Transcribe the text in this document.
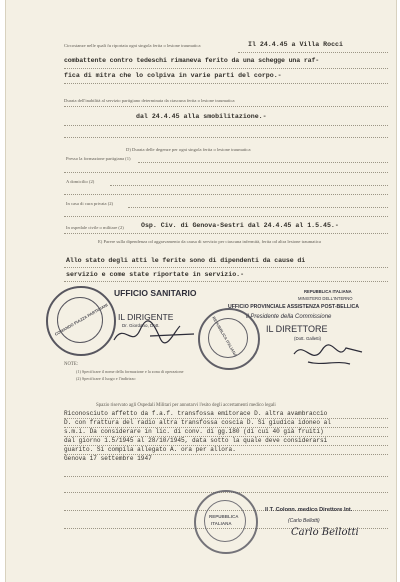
Circostanze nelle quali fu riportata ogni singola ferita o lesione traumatica	Il 24.4.45 a Villa Rocci
combattente contro tedeschi rimaneva ferito da una schegge una raf-
fica di mitra che lo colpiva in varie parti del corpo.-
Durata dell'inabilità al servizio partigiano determinata da ciascuna ferita o lesione traumatica
dal 24.4.45 alla smobilitazione.-
D) Durata delle degenze per ogni singola ferita o lesione traumatica
Presso la formazione partigiana (1)
A domicilio (2)
In casa di cura privata (2)
In ospedale civile o militare (2)	Osp. Civ. di Genova-Sestri dal 24.4.45 al 1.5.45.-
E) Parere sulla dipendenza od aggravamento da causa di servizio per ciascuna infermità, ferita od altra lesione traumatica
Allo stato degli atti le ferite sono di dipendenti da cause di
servizio e come state riportate in servizio.-
COMANDO PIAZZA PARTIGIANI
UFFICIO SANITARIO
IL DIRIGENTE
Dr. Giordano, Dott.	REPUBBLICA ITALIANA
REPUBBLICA ITALIANA
MINISTERO DELL'INTERNO
UFFICIO PROVINCIALE ASSISTENZA POST-BELLICA
il Presidente della Commissione
IL DIRETTORE
(Dott. Galletti)
NOTE:
(1) Specificare il nome della formazione e la zona di operazione
(2) Specificare il luogo e l'indirizzo
Spazio riservato agli Ospedali Militari per annotarvi l'esito degli accertamenti medico legali
Riconosciuto affetto da f.a.f. transfossa emitorace D. altra avambraccio
D. con frattura del radio altra transfossa coscia D. Si giudica idoneo al
s.m.i. Da considerare in lic. di conv. di gg.180 (di cui 40 già fruiti)
dal giorno 1.5/1945 al 28/10/1945, data sotto la quale deve considerarsi
guarito. Si compila allegato A. ora per allora.
Genova 17 settembre 1947
REPUBBLICA
ITALIANA
Il T. Colonn. medico Direttore Int.
(Carlo Bellotti)
Carlo Bellotti
